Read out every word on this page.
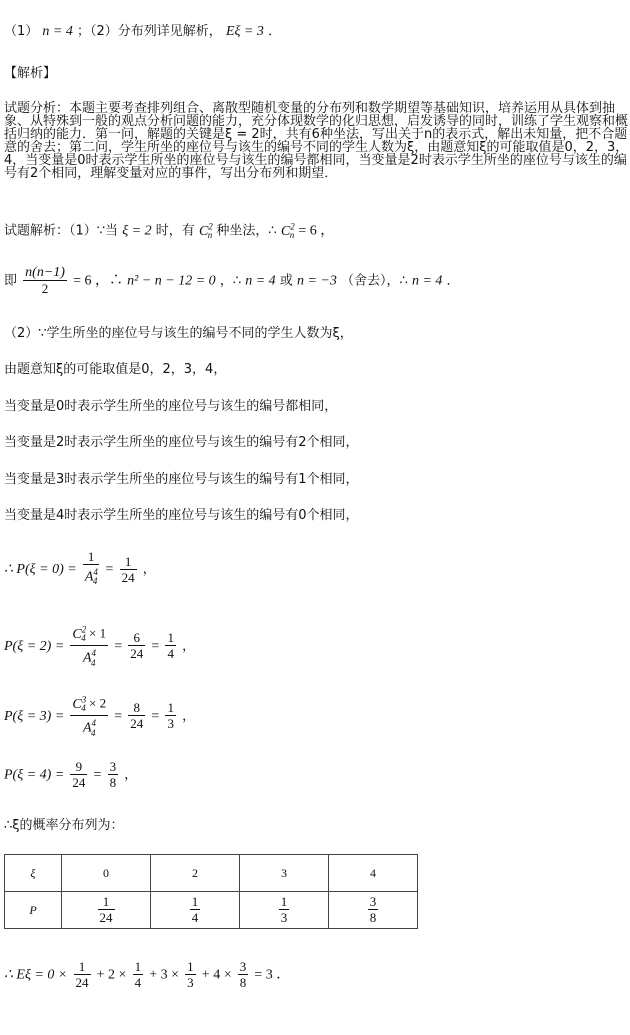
（1） n = 4 ；（2）分布列详见解析， Eξ = 3 ．
【解析】
试题分析：本题主要考查排列组合、离散型随机变量的分布列和数学期望等基础知识，培养运用从具体到抽象、从特殊到一般的观点分析问题的能力，充分体现数学的化归思想，启发诱导的同时，训练了学生观察和概括归纳的能力．第一问，解题的关键是ξ = 2时，共有6种坐法，写出关于n的表示式，解出未知量，把不合题意的舍去；第二问，学生所坐的座位号与该生的编号不同的学生人数为ξ，由题意知ξ的可能取值是0，2，3，4，当变量是0时表示学生所坐的座位号与该生的编号都相同，当变量是2时表示学生所坐的座位号与该生的编号有2个相同，理解变量对应的事件，写出分布列和期望．
试题解析：（1）∵当 ξ = 2 时，有 $C^2_n$ 种坐法，∴ $C^2_n = 6$ ，
即 $\frac{n(n-1)}{2} = 6$ ，∴ n² − n − 12 = 0 ，∴ n = 4 或 n = −3 （舍去），∴ n = 4 ．
（2）∵学生所坐的座位号与该生的编号不同的学生人数为ξ，
由题意知ξ的可能取值是0，2，3，4，
当变量是0时表示学生所坐的座位号与该生的编号都相同，
当变量是2时表示学生所坐的座位号与该生的编号有2个相同，
当变量是3时表示学生所坐的座位号与该生的编号有1个相同，
当变量是4时表示学生所坐的座位号与该生的编号有0个相同，
∴ $P(\xi = 0) = \frac{1}{A^4_4} = \frac{1}{24}$ ，
$P(\xi = 2) = \frac{C^2_4 \times 1}{A^4_4} = \frac{6}{24} = \frac{1}{4}$ ，
$P(\xi = 3) = \frac{C^3_4 \times 2}{A^4_4} = \frac{8}{24} = \frac{1}{3}$ ，
$P(\xi = 4) = \frac{9}{24} = \frac{3}{8}$ ，
∴ξ的概率分布列为：
ξ	0	2	3	4
P	$\frac{1}{24}$	$\frac{1}{4}$	$\frac{1}{3}$	$\frac{3}{8}$
∴ $E\xi = 0 \times \frac{1}{24} + 2 \times \frac{1}{4} + 3 \times \frac{1}{3} + 4 \times \frac{3}{8} = 3$ ．
